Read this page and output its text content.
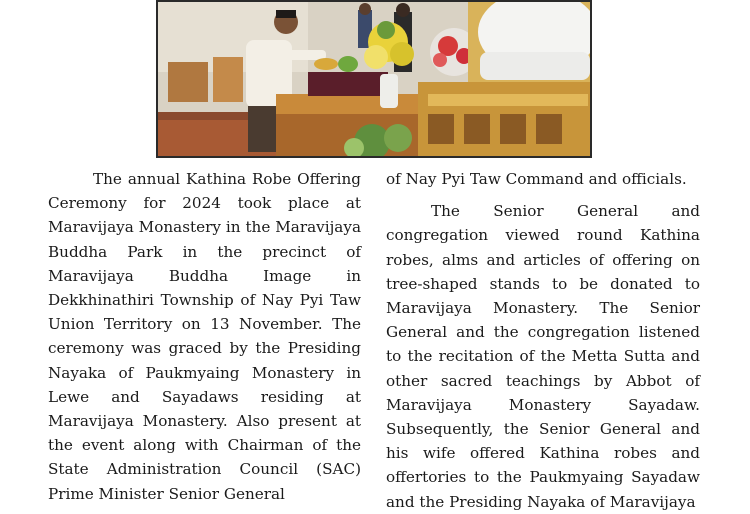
The annual Kathina Robe Offering Ceremony for 2024 took place at Maravijaya Monastery in the Maravijaya Buddha Park in the precinct of Maravijaya Buddha Image in Dekkhinathiri Township of Nay Pyi Taw Union Territory on 13 November. The ceremony was graced by the Presiding Nayaka of Paukmyaing Monastery in Lewe and Sayadaws residing at Maravijaya Monastery. Also present at the event along with Chairman of the State Administration Council (SAC) Prime Minister Senior General

of Nay Pyi Taw Command and officials.

The Senior General and congregation viewed round Kathina robes, alms and articles of offering on tree-shaped stands to be donated to Maravijaya Monastery. The Senior General and the congregation listened to the recitation of the Metta Sutta and other sacred teachings by Abbot of Maravijaya Monastery Sayadaw. Subsequently, the Senior General and his wife offered Kathina robes and offertories to the Paukmyaing Sayadaw and the Presiding Nayaka of Maravijaya
